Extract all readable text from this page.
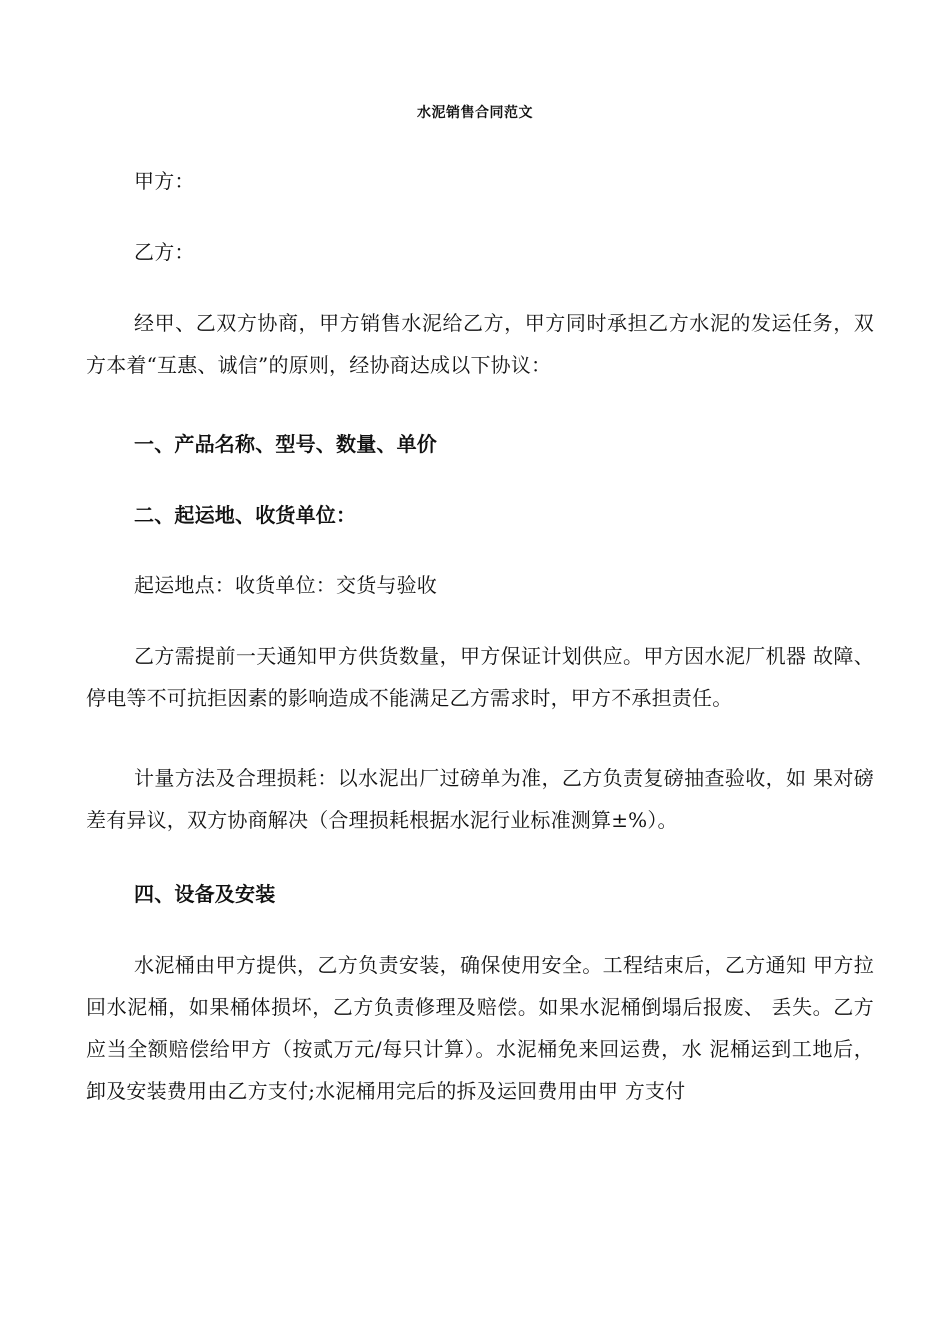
水泥销售合同范文

甲方：

乙方：

经甲、乙双方协商，甲方销售水泥给乙方，甲方同时承担乙方水泥的发运任务，双方本着“互惠、诚信”的原则，经协商达成以下协议：

一、产品名称、型号、数量、单价

二、起运地、收货单位：

起运地点：收货单位：交货与验收

乙方需提前一天通知甲方供货数量，甲方保证计划供应。甲方因水泥厂机器 故障、停电等不可抗拒因素的影响造成不能满足乙方需求时，甲方不承担责任。

计量方法及合理损耗：以水泥出厂过磅单为准，乙方负责复磅抽查验收，如 果对磅差有异议，双方协商解决（合理损耗根据水泥行业标准测算±%）。

四、设备及安装

水泥桶由甲方提供，乙方负责安装，确保使用安全。工程结束后，乙方通知 甲方拉回水泥桶，如果桶体损坏，乙方负责修理及赔偿。如果水泥桶倒塌后报废、 丢失。乙方应当全额赔偿给甲方（按贰万元/每只计算）。水泥桶免来回运费，水 泥桶运到工地后，卸及安装费用由乙方支付;水泥桶用完后的拆及运回费用由甲 方支付
